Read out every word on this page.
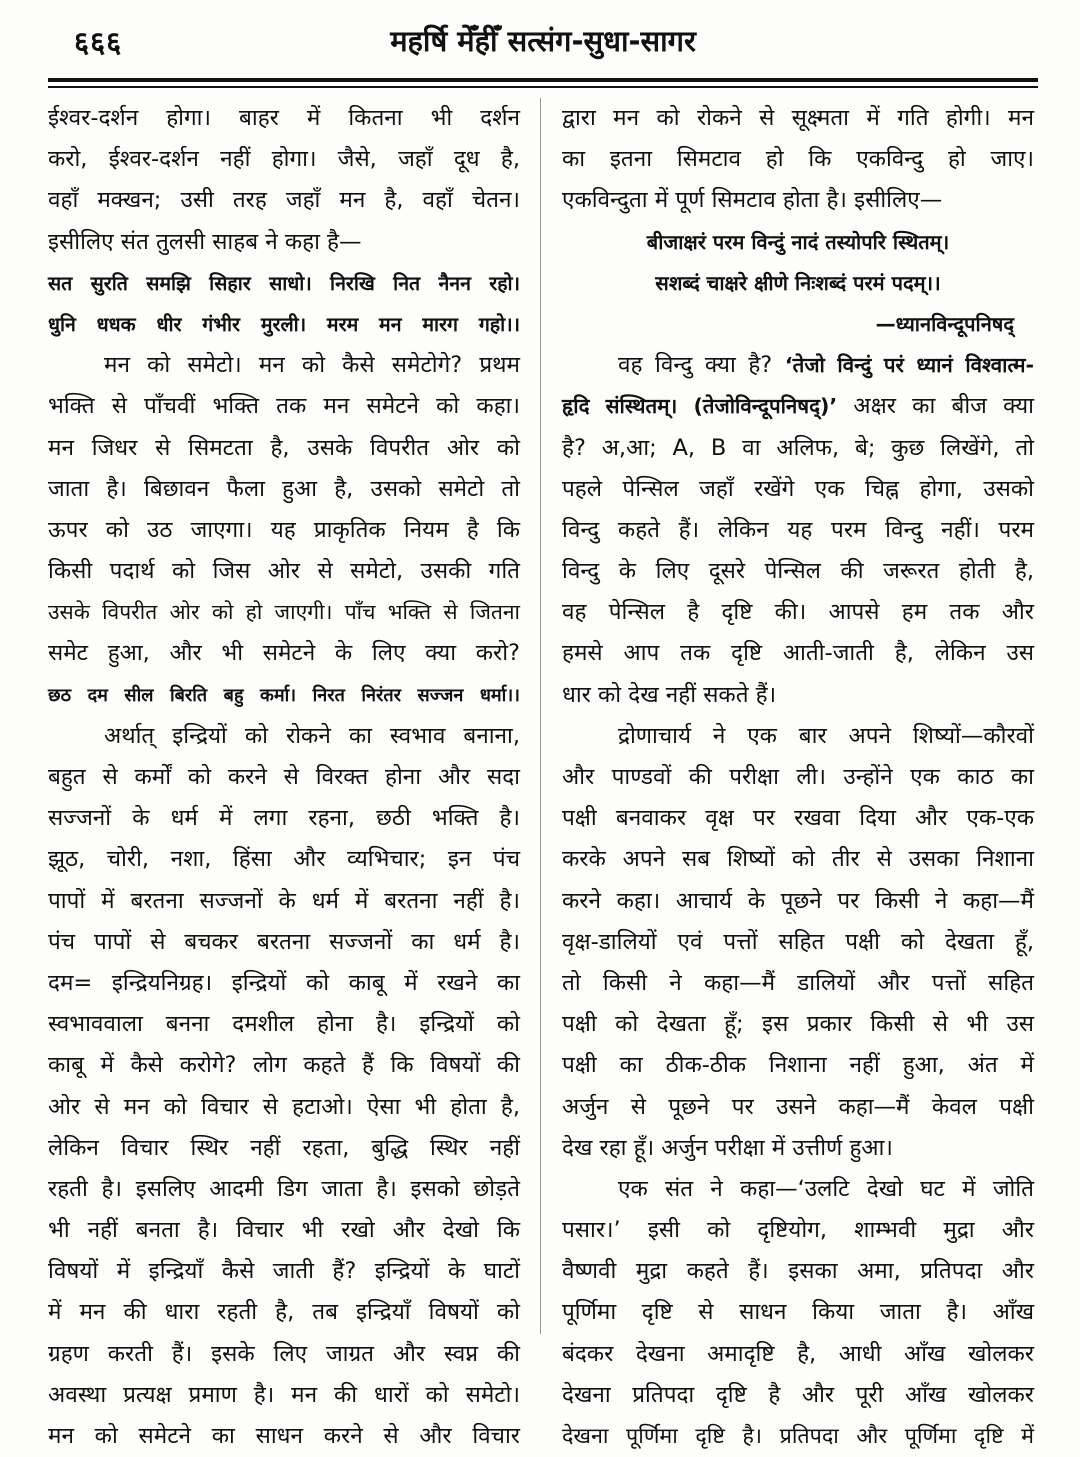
६६६	महर्षि मेँहीँ सत्संग-सुधा-सागर
ईश्वर-दर्शन होगा। बाहर में कितना भी दर्शन
करो, ईश्वर-दर्शन नहीं होगा। जैसे, जहाँ दूध है,
वहाँ मक्खन; उसी तरह जहाँ मन है, वहाँ चेतन।
इसीलिए संत तुलसी साहब ने कहा है—
सत सुरति समझि सिहार साधो। निरखि नित नैनन रहो।
धुनि धधक धीर गंभीर मुरली। मरम मन मारग गहो।।
मन को समेटो। मन को कैसे समेटोगे? प्रथम
भक्ति से पाँचवीं भक्ति तक मन समेटने को कहा।
मन जिधर से सिमटता है, उसके विपरीत ओर को
जाता है। बिछावन फैला हुआ है, उसको समेटो तो
ऊपर को उठ जाएगा। यह प्राकृतिक नियम है कि
किसी पदार्थ को जिस ओर से समेटो, उसकी गति
उसके विपरीत ओर को हो जाएगी। पाँच भक्ति से जितना
समेट हुआ, और भी समेटने के लिए क्या करो?
छठ दम सील बिरति बहु कर्मा। निरत निरंतर सज्जन धर्मा।।
अर्थात् इन्द्रियों को रोकने का स्वभाव बनाना,
बहुत से कर्मों को करने से विरक्त होना और सदा
सज्जनों के धर्म में लगा रहना, छठी भक्ति है।
झूठ, चोरी, नशा, हिंसा और व्यभिचार; इन पंच
पापों में बरतना सज्जनों के धर्म में बरतना नहीं है।
पंच पापों से बचकर बरतना सज्जनों का धर्म है।
दम= इन्द्रियनिग्रह। इन्द्रियों को काबू में रखने का
स्वभाववाला बनना दमशील होना है। इन्द्रियों को
काबू में कैसे करोगे? लोग कहते हैं कि विषयों की
ओर से मन को विचार से हटाओ। ऐसा भी होता है,
लेकिन विचार स्थिर नहीं रहता, बुद्धि स्थिर नहीं
रहती है। इसलिए आदमी डिग जाता है। इसको छोड़ते
भी नहीं बनता है। विचार भी रखो और देखो कि
विषयों में इन्द्रियाँ कैसे जाती हैं? इन्द्रियों के घाटों
में मन की धारा रहती है, तब इन्द्रियाँ विषयों को
ग्रहण करती हैं। इसके लिए जाग्रत और स्वप्न की
अवस्था प्रत्यक्ष प्रमाण है। मन की धारों को समेटो।
मन को समेटने का साधन करने से और विचार
द्वारा मन को रोकने से सूक्ष्मता में गति होगी। मन
का इतना सिमटाव हो कि एकविन्दु हो जाए।
एकविन्दुता में पूर्ण सिमटाव होता है। इसीलिए—
बीजाक्षरं परम विन्दुं नादं तस्योपरि स्थितम्।
सशब्दं चाक्षरे क्षीणे निःशब्दं परमं पदम्।।
—ध्यानविन्दूपनिषद्
वह विन्दु क्या है? ‘तेजो विन्दुं परं ध्यानं विश्वात्म-
हृदि संस्थितम्। (तेजोविन्दूपनिषद्)’ अक्षर का बीज क्या
है? अ,आ; A, B वा अलिफ, बे; कुछ लिखेंगे, तो
पहले पेन्सिल जहाँ रखेंगे एक चिह्न होगा, उसको
विन्दु कहते हैं। लेकिन यह परम विन्दु नहीं। परम
विन्दु के लिए दूसरे पेन्सिल की जरूरत होती है,
वह पेन्सिल है दृष्टि की। आपसे हम तक और
हमसे आप तक दृष्टि आती-जाती है, लेकिन उस
धार को देख नहीं सकते हैं।
द्रोणाचार्य ने एक बार अपने शिष्यों—कौरवों
और पाण्डवों की परीक्षा ली। उन्होंने एक काठ का
पक्षी बनवाकर वृक्ष पर रखवा दिया और एक-एक
करके अपने सब शिष्यों को तीर से उसका निशाना
करने कहा। आचार्य के पूछने पर किसी ने कहा—मैं
वृक्ष-डालियों एवं पत्तों सहित पक्षी को देखता हूँ,
तो किसी ने कहा—मैं डालियों और पत्तों सहित
पक्षी को देखता हूँ; इस प्रकार किसी से भी उस
पक्षी का ठीक-ठीक निशाना नहीं हुआ, अंत में
अर्जुन से पूछने पर उसने कहा—मैं केवल पक्षी
देख रहा हूँ। अर्जुन परीक्षा में उत्तीर्ण हुआ।
एक संत ने कहा—‘उलटि देखो घट में जोति
पसार।’ इसी को दृष्टियोग, शाम्भवी मुद्रा और
वैष्णवी मुद्रा कहते हैं। इसका अमा, प्रतिपदा और
पूर्णिमा दृष्टि से साधन किया जाता है। आँख
बंदकर देखना अमादृष्टि है, आधी आँख खोलकर
देखना प्रतिपदा दृष्टि है और पूरी आँख खोलकर
देखना पूर्णिमा दृष्टि है। प्रतिपदा और पूर्णिमा दृष्टि में
